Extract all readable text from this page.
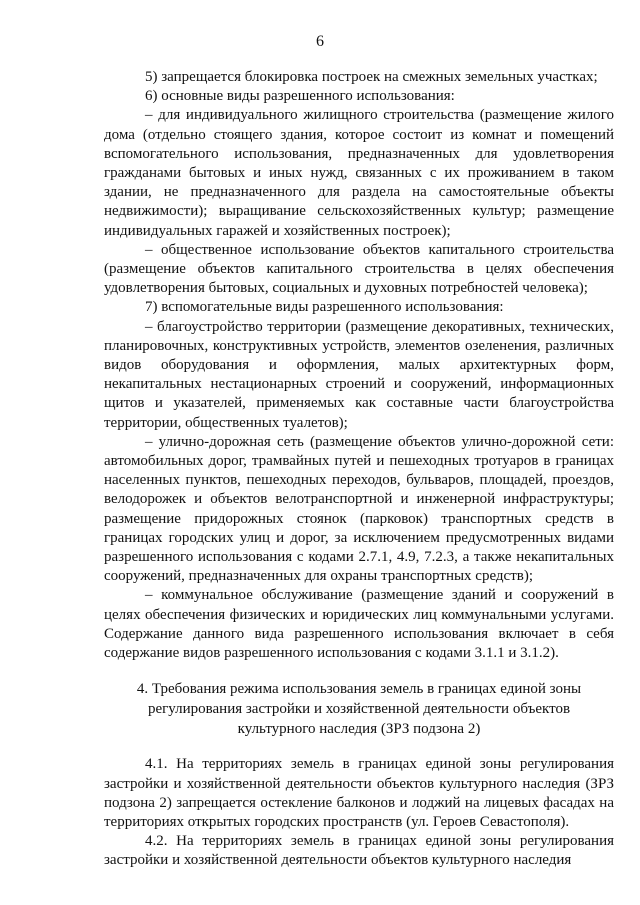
6

5) запрещается блокировка построек на смежных земельных участках;

6) основные виды разрешенного использования:

– для индивидуального жилищного строительства (размещение жилого дома (отдельно стоящего здания, которое состоит из комнат и помещений вспомогательного использования, предназначенных для удовлетворения гражданами бытовых и иных нужд, связанных с их проживанием в таком здании, не предназначенного для раздела на самостоятельные объекты недвижимости); выращивание сельскохозяйственных культур; размещение индивидуальных гаражей и хозяйственных построек);

– общественное использование объектов капитального строительства (размещение объектов капитального строительства в целях обеспечения удовлетворения бытовых, социальных и духовных потребностей человека);

7) вспомогательные виды разрешенного использования:

– благоустройство территории (размещение декоративных, технических, планировочных, конструктивных устройств, элементов озеленения, различных видов оборудования и оформления, малых архитектурных форм, некапитальных нестационарных строений и сооружений, информационных щитов и указателей, применяемых как составные части благоустройства территории, общественных туалетов);

– улично-дорожная сеть (размещение объектов улично-дорожной сети: автомобильных дорог, трамвайных путей и пешеходных тротуаров в границах населенных пунктов, пешеходных переходов, бульваров, площадей, проездов, велодорожек и объектов велотранспортной и инженерной инфраструктуры; размещение придорожных стоянок (парковок) транспортных средств в границах городских улиц и дорог, за исключением предусмотренных видами разрешенного использования с кодами 2.7.1, 4.9, 7.2.3, а также некапитальных сооружений, предназначенных для охраны транспортных средств);

– коммунальное обслуживание (размещение зданий и сооружений в целях обеспечения физических и юридических лиц коммунальными услугами. Содержание данного вида разрешенного использования включает в себя содержание видов разрешенного использования с кодами 3.1.1 и 3.1.2).

4. Требования режима использования земель в границах единой зоны
регулирования застройки и хозяйственной деятельности объектов
культурного наследия (ЗРЗ подзона 2)

4.1. На территориях земель в границах единой зоны регулирования застройки и хозяйственной деятельности объектов культурного наследия (ЗРЗ подзона 2) запрещается остекление балконов и лоджий на лицевых фасадах на территориях открытых городских пространств (ул. Героев Севастополя).

4.2. На территориях земель в границах единой зоны регулирования застройки и хозяйственной деятельности объектов культурного наследия
